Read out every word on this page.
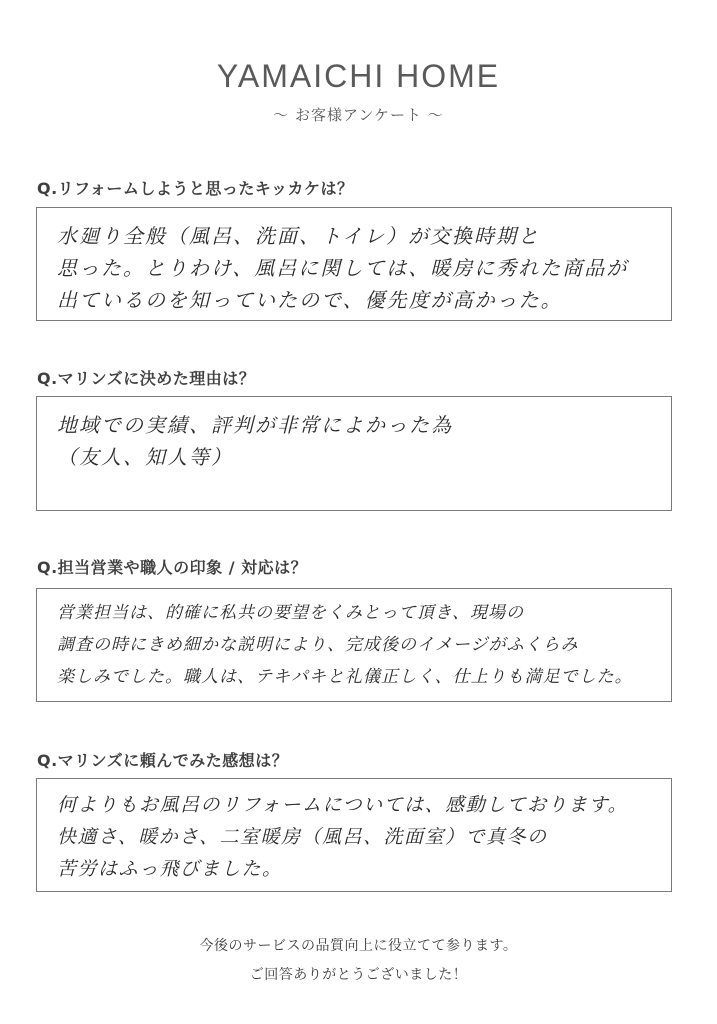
YAMAICHI HOME
～ お客様アンケート ～
Q.リフォームしようと思ったキッカケは？
水廻り全般（風呂、洗面、トイレ）が交換時期と
思った。とりわけ、風呂に関しては、暖房に秀れた商品が
出ているのを知っていたので、優先度が高かった。
Q.マリンズに決めた理由は？
地域での実績、評判が非常によかった為
（友人、知人等）
Q.担当営業や職人の印象 / 対応は？
営業担当は、的確に私共の要望をくみとって頂き、現場の
調査の時にきめ細かな説明により、完成後のイメージがふくらみ
楽しみでした。職人は、テキパキと礼儀正しく、仕上りも満足でした。
Q.マリンズに頼んでみた感想は？
何よりもお風呂のリフォームについては、感動しております。
快適さ、暖かさ、二室暖房（風呂、洗面室）で真冬の
苦労はふっ飛びました。
今後のサービスの品質向上に役立てて参ります。
ご回答ありがとうございました！
